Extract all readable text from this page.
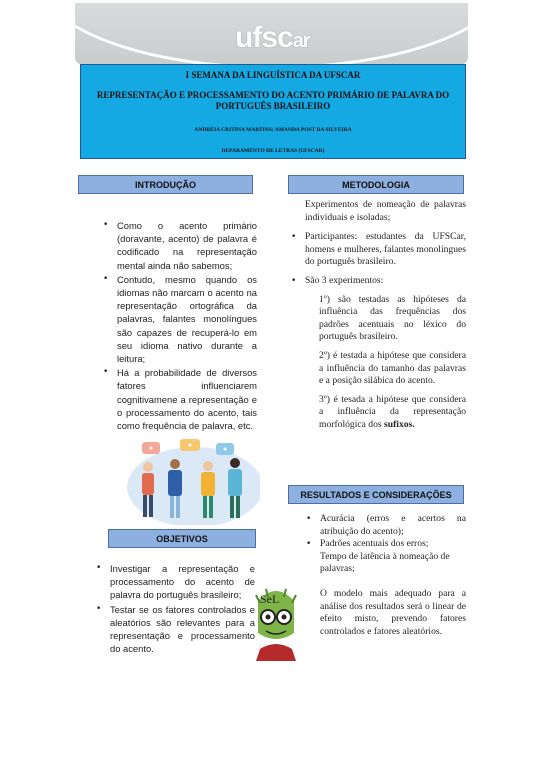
ufscar
I SEMANA DA LINGUÍSTICA DA UFSCAR
REPRESENTAÇÃO E PROCESSAMENTO DO ACENTO PRIMÁRIO DE PALAVRA DO PORTUGUÊS BRASILEIRO
ANDRÉIA CRITINA MARTINS; AMANDA POST DA SILVEIRA
DEPARAMENTO DE LETRAS (UFSCAR)
INTRODUÇÃO
• Como o acento primário (doravante, acento) de palavra é codificado na representação mental ainda não sabemos;
• Contudo, mesmo quando os idiomas não marcam o acento na representação ortográfica da palavras, falantes monolíngues são capazes de recuperá-lo em seu idioma nativo durante a leitura;
• Há a probabilidade de diversos fatores influenciarem cognitivamene a representação e o processamento do acento, tais como frequência de palavra, etc.
OBJETIVOS
• Investigar a representação e processamento do acento de palavra do português brasileiro;
• Testar se os fatores controlados e aleatórios são relevantes para a representação e processamento do acento.
SeL
METODOLOGIA
Experimentos de nomeação de palavras individuais e isoladas;
• Participantes: estudantes da UFSCar, homens e mulheres, falantes monolíngues do português brasileiro.
• São 3 experimentos:
1º) são testadas as hipóteses da influência das frequências dos padrões acentuais no léxico do português brasileiro.
2º) é testada a hipótese que considera a influência do tamanho das palavras e a posição silábica do acento.
3º) é tesada a hipótese que considera a influência da representação morfológica dos sufixos.
RESULTADOS E CONSIDERAÇÕES
• Acurácia (erros e acertos na atribuição do acento);
• Padrões acentuais dos erros;
Tempo de latência à nomeação de palavras;
O modelo mais adequado para a análise dos resultados será o linear de efeito misto, prevendo fatores controlados e fatores aleatórios.
